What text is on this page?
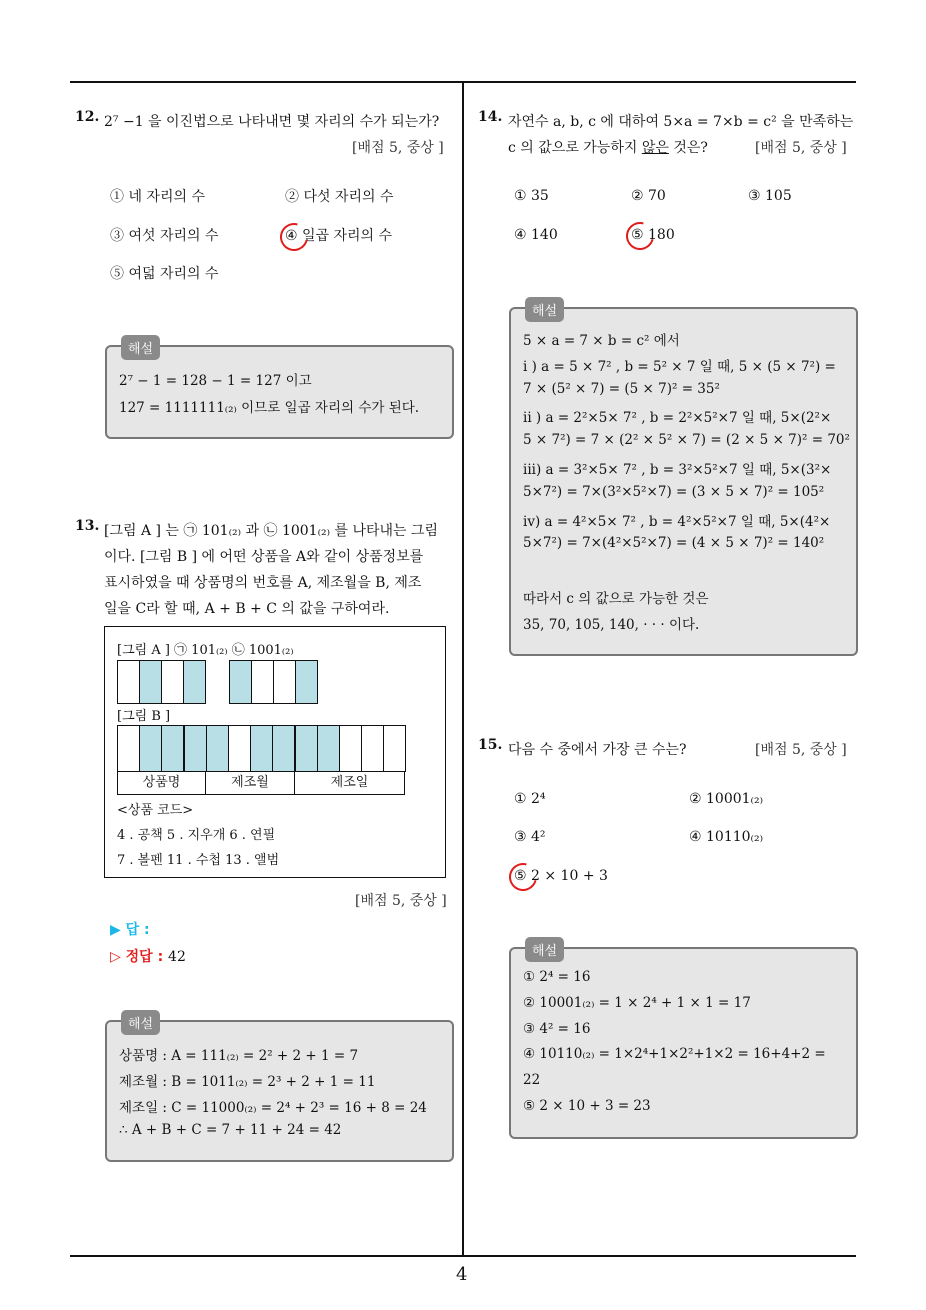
4
12. 2⁷ −1 을 이진법으로 나타내면 몇 자리의 수가 되는가?
[배점 5, 중상 ]
① 네 자리의 수	② 다섯 자리의 수
③ 여섯 자리의 수	④ 일곱 자리의 수
⑤ 여덟 자리의 수
해설
2⁷ − 1 = 128 − 1 = 127 이고
127 = 1111111₍₂₎ 이므로 일곱 자리의 수가 된다.
13. [그림 A ] 는 ㉠ 101₍₂₎ 과 ㉡ 1001₍₂₎ 를 나타내는 그림
이다. [그림 B ] 에 어떤 상품을 A와 같이 상품정보를
표시하였을 때 상품명의 번호를 A, 제조월을 B, 제조
일을 C라 할 때, A + B + C 의 값을 구하여라.
[그림 A ] ㉠ 101₍₂₎ ㉡ 1001₍₂₎
[그림 B ]
상품명	제조월	제조일
<상품 코드>
4 . 공책 5 . 지우개 6 . 연필
7 . 볼펜 11 . 수첩 13 . 앨범
[배점 5, 중상 ]
▶ 답 :
▷ 정답 : 42
해설
상품명 : A = 111₍₂₎ = 2² + 2 + 1 = 7
제조월 : B = 1011₍₂₎ = 2³ + 2 + 1 = 11
제조일 : C = 11000₍₂₎ = 2⁴ + 2³ = 16 + 8 = 24
∴ A + B + C = 7 + 11 + 24 = 42
14. 자연수 a, b, c 에 대하여 5×a = 7×b = c² 을 만족하는
c 의 값으로 가능하지 않은 것은?	[배점 5, 중상 ]
① 35	② 70	③ 105
④ 140	⑤ 180
해설
5 × a = 7 × b = c² 에서
i ) a = 5 × 7² , b = 5² × 7 일 때, 5 × (5 × 7²) =
7 × (5² × 7) = (5 × 7)² = 35²
ii ) a = 2²×5× 7² , b = 2²×5²×7 일 때, 5×(2²×
5 × 7²) = 7 × (2² × 5² × 7) = (2 × 5 × 7)² = 70²
iii) a = 3²×5× 7² , b = 3²×5²×7 일 때, 5×(3²×
5×7²) = 7×(3²×5²×7) = (3 × 5 × 7)² = 105²
iv) a = 4²×5× 7² , b = 4²×5²×7 일 때, 5×(4²×
5×7²) = 7×(4²×5²×7) = (4 × 5 × 7)² = 140²
따라서 c 의 값으로 가능한 것은
35, 70, 105, 140, · · · 이다.
15. 다음 수 중에서 가장 큰 수는?	[배점 5, 중상 ]
① 2⁴	② 10001₍₂₎
③ 4²	④ 10110₍₂₎
⑤ 2 × 10 + 3
해설
① 2⁴ = 16
② 10001₍₂₎ = 1 × 2⁴ + 1 × 1 = 17
③ 4² = 16
④ 10110₍₂₎ = 1×2⁴+1×2²+1×2 = 16+4+2 =
22
⑤ 2 × 10 + 3 = 23
